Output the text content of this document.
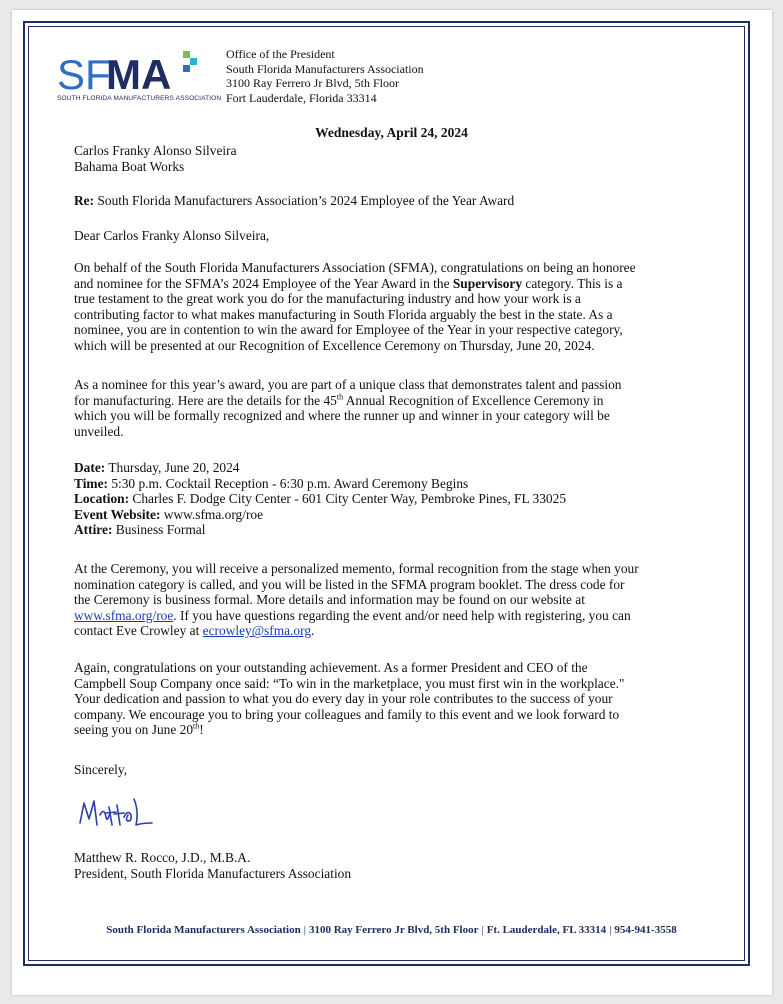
SF
MA
SOUTH FLORIDA MANUFACTURERS ASSOCIATION
Office of the President
South Florida Manufacturers Association
3100 Ray Ferrero Jr Blvd, 5th Floor
Fort Lauderdale, Florida 33314
Wednesday, April 24, 2024
Carlos Franky Alonso Silveira
Bahama Boat Works
Re: South Florida Manufacturers Association’s 2024 Employee of the Year Award
Dear Carlos Franky Alonso Silveira,
On behalf of the South Florida Manufacturers Association (SFMA), congratulations on being an honoree
and nominee for the SFMA’s 2024 Employee of the Year Award in the Supervisory category. This is a
true testament to the great work you do for the manufacturing industry and how your work is a
contributing factor to what makes manufacturing in South Florida arguably the best in the state. As a
nominee, you are in contention to win the award for Employee of the Year in your respective category,
which will be presented at our Recognition of Excellence Ceremony on Thursday, June 20, 2024.
As a nominee for this year’s award, you are part of a unique class that demonstrates talent and passion
for manufacturing. Here are the details for the 45th Annual Recognition of Excellence Ceremony in
which you will be formally recognized and where the runner up and winner in your category will be
unveiled.
Date: Thursday, June 20, 2024
Time: 5:30 p.m. Cocktail Reception - 6:30 p.m. Award Ceremony Begins
Location: Charles F. Dodge City Center - 601 City Center Way, Pembroke Pines, FL 33025
Event Website: www.sfma.org/roe
Attire: Business Formal
At the Ceremony, you will receive a personalized memento, formal recognition from the stage when your
nomination category is called, and you will be listed in the SFMA program booklet. The dress code for
the Ceremony is business formal. More details and information may be found on our website at
www.sfma.org/roe. If you have questions regarding the event and/or need help with registering, you can
contact Eve Crowley at ecrowley@sfma.org.
Again, congratulations on your outstanding achievement. As a former President and CEO of the
Campbell Soup Company once said: “To win in the marketplace, you must first win in the workplace."
Your dedication and passion to what you do every day in your role contributes to the success of your
company. We encourage you to bring your colleagues and family to this event and we look forward to
seeing you on June 20th!
Sincerely,
Matthew R. Rocco, J.D., M.B.A.
President, South Florida Manufacturers Association
South Florida Manufacturers Association | 3100 Ray Ferrero Jr Blvd, 5th Floor | Ft. Lauderdale, FL 33314 | 954-941-3558
